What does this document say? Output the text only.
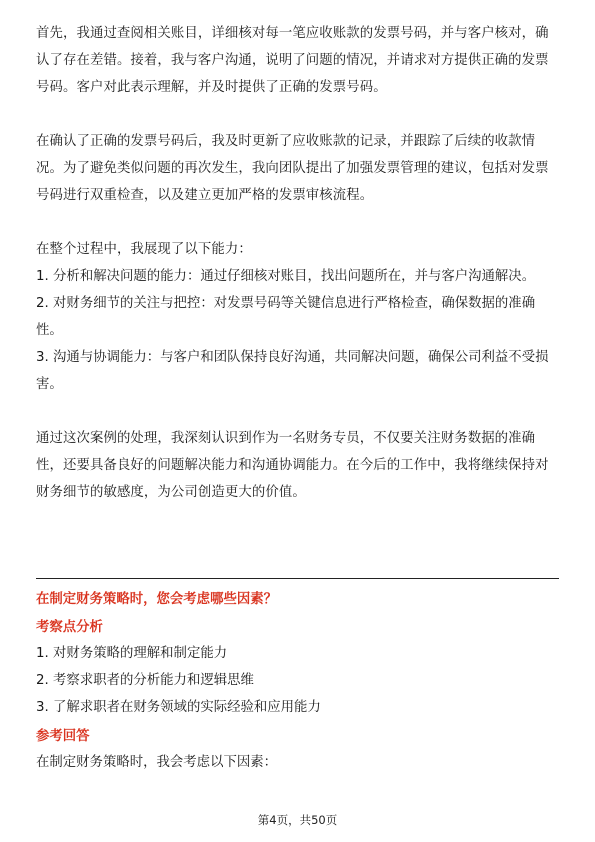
首先，我通过查阅相关账目，详细核对每一笔应收账款的发票号码，并与客户核对，确认了存在差错。接着，我与客户沟通，说明了问题的情况，并请求对方提供正确的发票号码。客户对此表示理解，并及时提供了正确的发票号码。

在确认了正确的发票号码后，我及时更新了应收账款的记录，并跟踪了后续的收款情况。为了避免类似问题的再次发生，我向团队提出了加强发票管理的建议，包括对发票号码进行双重检查，以及建立更加严格的发票审核流程。

在整个过程中，我展现了以下能力：

1. 分析和解决问题的能力：通过仔细核对账目，找出问题所在，并与客户沟通解决。

2. 对财务细节的关注与把控：对发票号码等关键信息进行严格检查，确保数据的准确性。

3. 沟通与协调能力：与客户和团队保持良好沟通，共同解决问题，确保公司利益不受损害。

通过这次案例的处理，我深刻认识到作为一名财务专员，不仅要关注财务数据的准确性，还要具备良好的问题解决能力和沟通协调能力。在今后的工作中，我将继续保持对财务细节的敏感度，为公司创造更大的价值。

在制定财务策略时，您会考虑哪些因素？

考察点分析

1. 对财务策略的理解和制定能力

2. 考察求职者的分析能力和逻辑思维

3. 了解求职者在财务领域的实际经验和应用能力

参考回答

在制定财务策略时，我会考虑以下因素：

第4页，共50页
